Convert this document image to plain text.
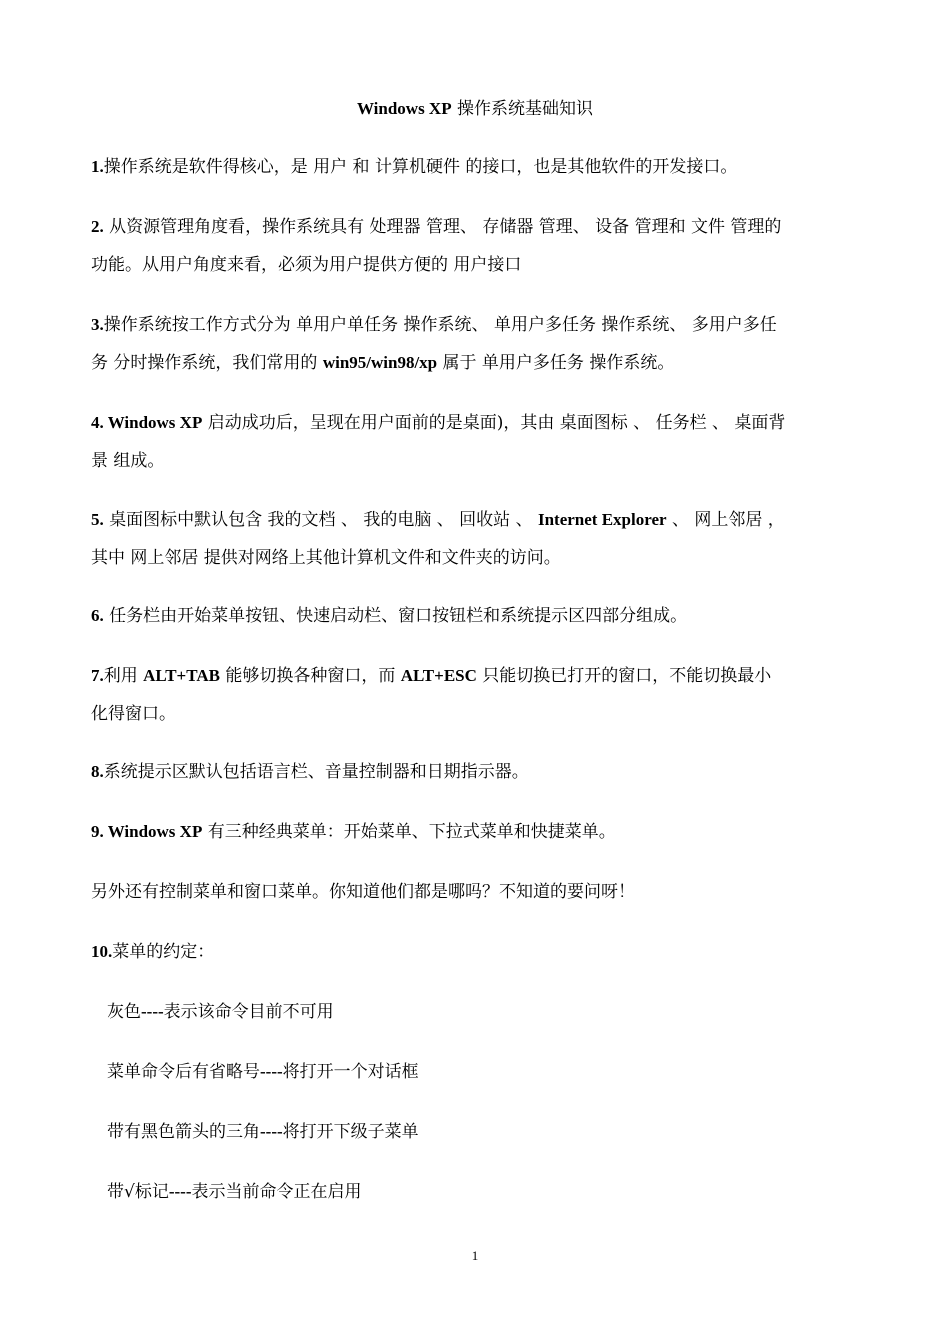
Windows XP 操作系统基础知识
1.操作系统是软件得核心，是 用户 和 计算机硬件 的接口，也是其他软件的开发接口。
2. 从资源管理角度看，操作系统具有 处理器 管理、 存储器 管理、 设备 管理和 文件 管理的
功能。从用户角度来看，必须为用户提供方便的 用户接口
3.操作系统按工作方式分为 单用户单任务 操作系统、 单用户多任务 操作系统、 多用户多任
务 分时操作系统，我们常用的 win95/win98/xp 属于 单用户多任务 操作系统。
4. Windows XP 启动成功后，呈现在用户面前的是桌面)，其由 桌面图标 、 任务栏 、 桌面背
景 组成。
5. 桌面图标中默认包含 我的文档 、 我的电脑 、 回收站 、 Internet Explorer 、 网上邻居 ，
其中 网上邻居 提供对网络上其他计算机文件和文件夹的访问。
6. 任务栏由开始菜单按钮、快速启动栏、窗口按钮栏和系统提示区四部分组成。
7.利用 ALT+TAB 能够切换各种窗口，而 ALT+ESC 只能切换已打开的窗口，不能切换最小
化得窗口。
8.系统提示区默认包括语言栏、音量控制器和日期指示器。
9. Windows XP 有三种经典菜单：开始菜单、下拉式菜单和快捷菜单。
另外还有控制菜单和窗口菜单。你知道他们都是哪吗？不知道的要问呀！
10.菜单的约定：
灰色----表示该命令目前不可用
菜单命令后有省略号----将打开一个对话框
带有黑色箭头的三角----将打开下级子菜单
带√标记----表示当前命令正在启用
1
